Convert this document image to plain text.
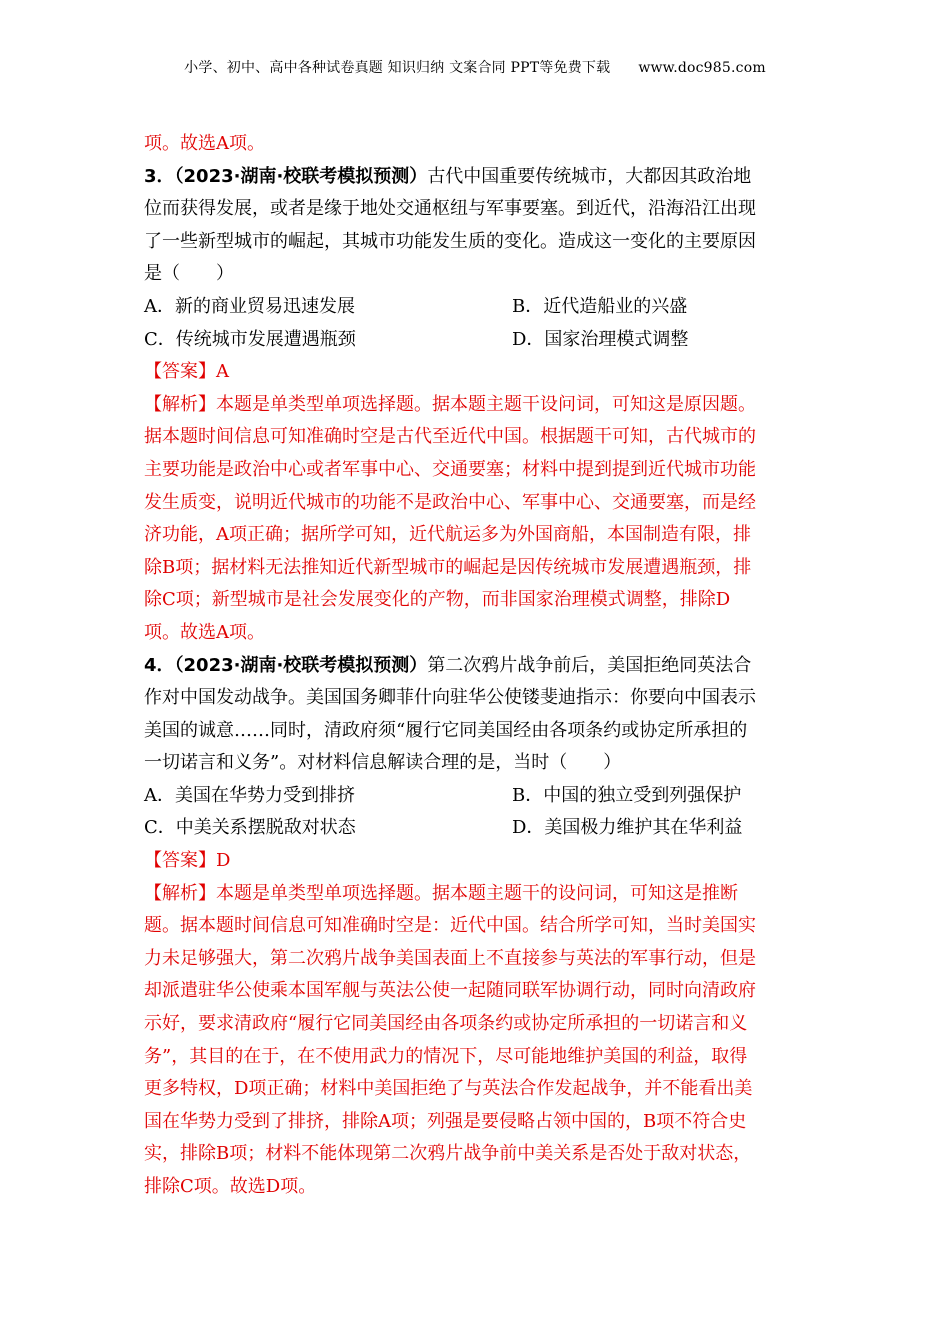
小学、初中、高中各种试卷真题 知识归纳 文案合同 PPT等免费下载 www.doc985.com
项。故选A项。
3．（2023·湖南·校联考模拟预测）古代中国重要传统城市，大都因其政治地
位而获得发展，或者是缘于地处交通枢纽与军事要塞。到近代，沿海沿江出现
了一些新型城市的崛起，其城市功能发生质的变化。造成这一变化的主要原因
是（　　）
A．新的商业贸易迅速发展	B．近代造船业的兴盛
C．传统城市发展遭遇瓶颈	D．国家治理模式调整
【答案】A
【解析】本题是单类型单项选择题。据本题主题干设问词，可知这是原因题。
据本题时间信息可知准确时空是古代至近代中国。根据题干可知，古代城市的
主要功能是政治中心或者军事中心、交通要塞；材料中提到提到近代城市功能
发生质变，说明近代城市的功能不是政治中心、军事中心、交通要塞，而是经
济功能，A项正确；据所学可知，近代航运多为外国商船，本国制造有限，排
除B项；据材料无法推知近代新型城市的崛起是因传统城市发展遭遇瓶颈，排
除C项；新型城市是社会发展变化的产物，而非国家治理模式调整，排除D
项。故选A项。
4．（2023·湖南·校联考模拟预测）第二次鸦片战争前后，美国拒绝同英法合
作对中国发动战争。美国国务卿菲什向驻华公使镂斐迪指示：你要向中国表示
美国的诚意……同时，清政府须“履行它同美国经由各项条约或协定所承担的
一切诺言和义务”。对材料信息解读合理的是，当时（　　）
A．美国在华势力受到排挤	B．中国的独立受到列强保护
C．中美关系摆脱敌对状态	D．美国极力维护其在华利益
【答案】D
【解析】本题是单类型单项选择题。据本题主题干的设问词，可知这是推断
题。据本题时间信息可知准确时空是：近代中国。结合所学可知，当时美国实
力未足够强大，第二次鸦片战争美国表面上不直接参与英法的军事行动，但是
却派遣驻华公使乘本国军舰与英法公使一起随同联军协调行动，同时向清政府
示好，要求清政府“履行它同美国经由各项条约或协定所承担的一切诺言和义
务”，其目的在于，在不使用武力的情况下，尽可能地维护美国的利益，取得
更多特权，D项正确；材料中美国拒绝了与英法合作发起战争，并不能看出美
国在华势力受到了排挤，排除A项；列强是要侵略占领中国的，B项不符合史
实，排除B项；材料不能体现第二次鸦片战争前中美关系是否处于敌对状态，
排除C项。故选D项。
